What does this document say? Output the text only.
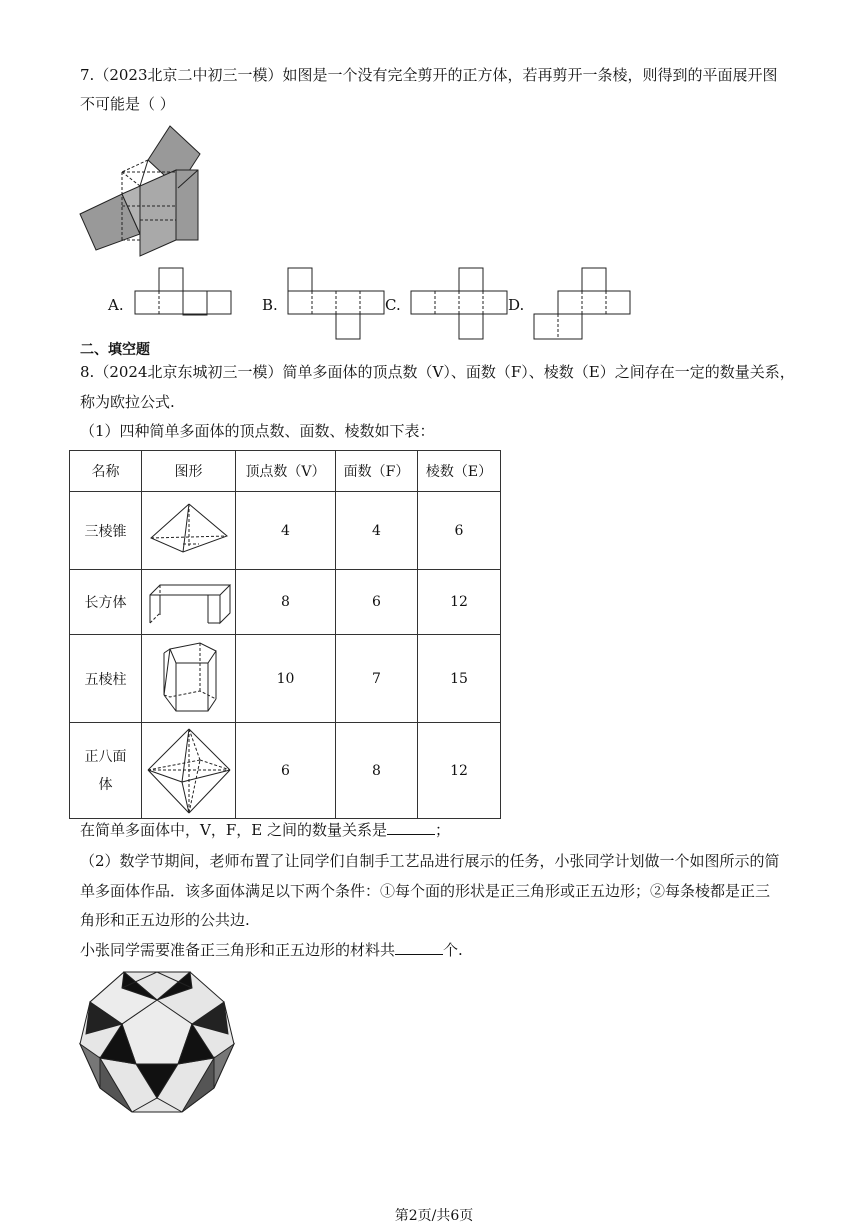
7.（2023北京二中初三一模）如图是一个没有完全剪开的正方体，若再剪开一条棱，则得到的平面展开图
不可能是（ ）
A.	B.	C.	D.
二、填空题
8.（2024北京东城初三一模）简单多面体的顶点数（V）、面数（F）、棱数（E）之间存在一定的数量关系，
称为欧拉公式.
（1）四种简单多面体的顶点数、面数、棱数如下表：
名称	图形	顶点数（V）	面数（F）	棱数（E）
三棱锥		4	4	6
长方体		8	6	12
五棱柱		10	7	15
正八面体		6	8	12
在简单多面体中，V，F，E 之间的数量关系是	；
（2）数学节期间，老师布置了让同学们自制手工艺品进行展示的任务，小张同学计划做一个如图所示的简
单多面体作品．该多面体满足以下两个条件：①每个面的形状是正三角形或正五边形；②每条棱都是正三
角形和正五边形的公共边.
小张同学需要准备正三角形和正五边形的材料共	个.
第2页/共6页
